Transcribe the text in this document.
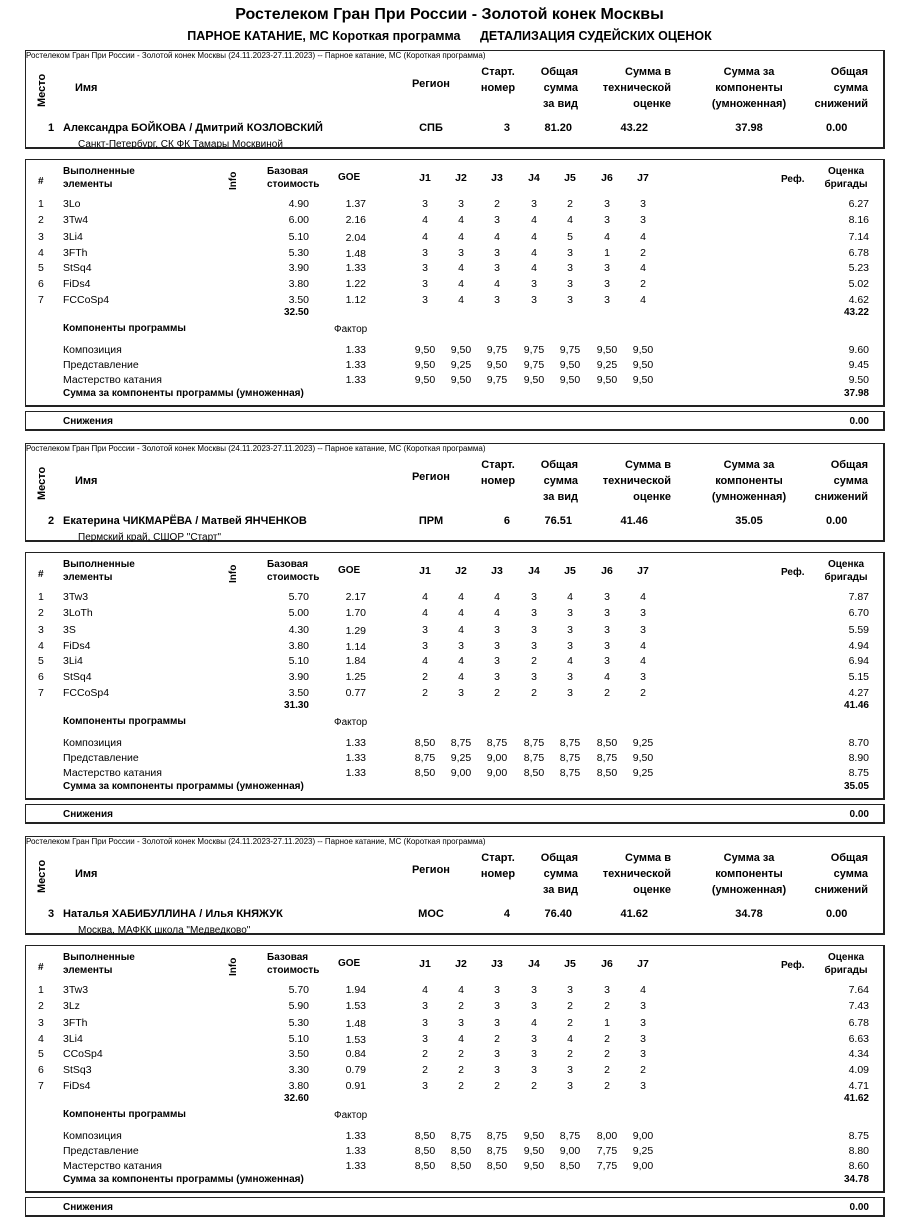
Ростелеком Гран При России - Золотой конек Москвы
ПАРНОЕ КАТАНИЕ, МС Короткая программа ДЕТАЛИЗАЦИЯ СУДЕЙСКИХ ОЦЕНОК
Ростелеком Гран При России - Золотой конек Москвы (24.11.2023-27.11.2023) -- Парное катание, МС (Короткая программа)
Место Имя	Регион
Старт.
номер
Общая
сумма
за вид
Сумма в
технической
оценке
Сумма за
компоненты
(умноженная)
Общая
сумма
снижений
1 Александра БОЙКОВА / Дмитрий КОЗЛОВСКИЙ
Санкт-Петербург, СК ФК Тамары Москвиной
СПБ	3	81.20	43.22	37.98	0.00
#
Выполненные
элементы	Info
Базовая
стоимость
GOE	J1	J2	J3	J4	J5	J6	J7	Реф.
Оценка
бригады
1 3Lo	4.90	1.37	3	3	2	3	2	3	3	6.27
2 3Tw4	6.00	2.16	4	4	3	4	4	3	3	8.16
3 3Li4	5.10	2.04	4	4	4	4	5	4	4	7.14
4 3FTh	5.30	1.48	3	3	3	4	3	1	2	6.78
5 StSq4	3.90	1.33	3	4	3	4	3	3	4	5.23
6 FiDs4	3.80	1.22	3	4	4	3	3	3	2	5.02
7 FCCoSp4	3.50	1.12	3	4	3	3	3	3	4	4.62
32.50	43.22
Компоненты программы	Фактор
Композиция	1.33	9,50	9,50	9,75	9,75	9,75	9,50	9,50	9.60
Представление	1.33	9,50	9,25	9,50	9,75	9,50	9,25	9,50	9.45
Мастерство катания	1.33	9,50	9,50	9,75	9,50	9,50	9,50	9,50	9.50
Сумма за компоненты программы (умноженная)	37.98
Снижения	0.00
Ростелеком Гран При России - Золотой конек Москвы (24.11.2023-27.11.2023) -- Парное катание, МС (Короткая программа)
Место Имя	Регион
Старт.
номер
Общая
сумма
за вид
Сумма в
технической
оценке
Сумма за
компоненты
(умноженная)
Общая
сумма
снижений
2 Екатерина ЧИКМАРЁВА / Матвей ЯНЧЕНКОВ
Пермский край, СШОР "Старт"
ПРМ	6	76.51	41.46	35.05	0.00
#
Выполненные
элементы	Info
Базовая
стоимость
GOE	J1	J2	J3	J4	J5	J6	J7	Реф.
Оценка
бригады
1 3Tw3	5.70	2.17	4	4	4	3	4	3	4	7.87
2 3LoTh	5.00	1.70	4	4	4	3	3	3	3	6.70
3 3S	4.30	1.29	3	4	3	3	3	3	3	5.59
4 FiDs4	3.80	1.14	3	3	3	3	3	3	4	4.94
5 3Li4	5.10	1.84	4	4	3	2	4	3	4	6.94
6 StSq4	3.90	1.25	2	4	3	3	3	4	3	5.15
7 FCCoSp4	3.50	0.77	2	3	2	2	3	2	2	4.27
31.30	41.46
Компоненты программы	Фактор
Композиция	1.33	8,50	8,75	8,75	8,75	8,75	8,50	9,25	8.70
Представление	1.33	8,75	9,25	9,00	8,75	8,75	8,75	9,50	8.90
Мастерство катания	1.33	8,50	9,00	9,00	8,50	8,75	8,50	9,25	8.75
Сумма за компоненты программы (умноженная)	35.05
Снижения	0.00
Ростелеком Гран При России - Золотой конек Москвы (24.11.2023-27.11.2023) -- Парное катание, МС (Короткая программа)
Место Имя	Регион
Старт.
номер
Общая
сумма
за вид
Сумма в
технической
оценке
Сумма за
компоненты
(умноженная)
Общая
сумма
снижений
3 Наталья ХАБИБУЛЛИНА / Илья КНЯЖУК
Москва, МАФКК школа "Медведково"
МОС	4	76.40	41.62	34.78	0.00
#
Выполненные
элементы	Info
Базовая
стоимость
GOE	J1	J2	J3	J4	J5	J6	J7	Реф.
Оценка
бригады
1 3Tw3	5.70	1.94	4	4	3	3	3	3	4	7.64
2 3Lz	5.90	1.53	3	2	3	3	2	2	3	7.43
3 3FTh	5.30	1.48	3	3	3	4	2	1	3	6.78
4 3Li4	5.10	1.53	3	4	2	3	4	2	3	6.63
5 CCoSp4	3.50	0.84	2	2	3	3	2	2	3	4.34
6 StSq3	3.30	0.79	2	2	3	3	3	2	2	4.09
7 FiDs4	3.80	0.91	3	2	2	2	3	2	3	4.71
32.60	41.62
Компоненты программы	Фактор
Композиция	1.33	8,50	8,75	8,75	9,50	8,75	8,00	9,00	8.75
Представление	1.33	8,50	8,50	8,75	9,50	9,00	7,75	9,25	8.80
Мастерство катания	1.33	8,50	8,50	8,50	9,50	8,50	7,75	9,00	8.60
Сумма за компоненты программы (умноженная)	34.78
Снижения	0.00
